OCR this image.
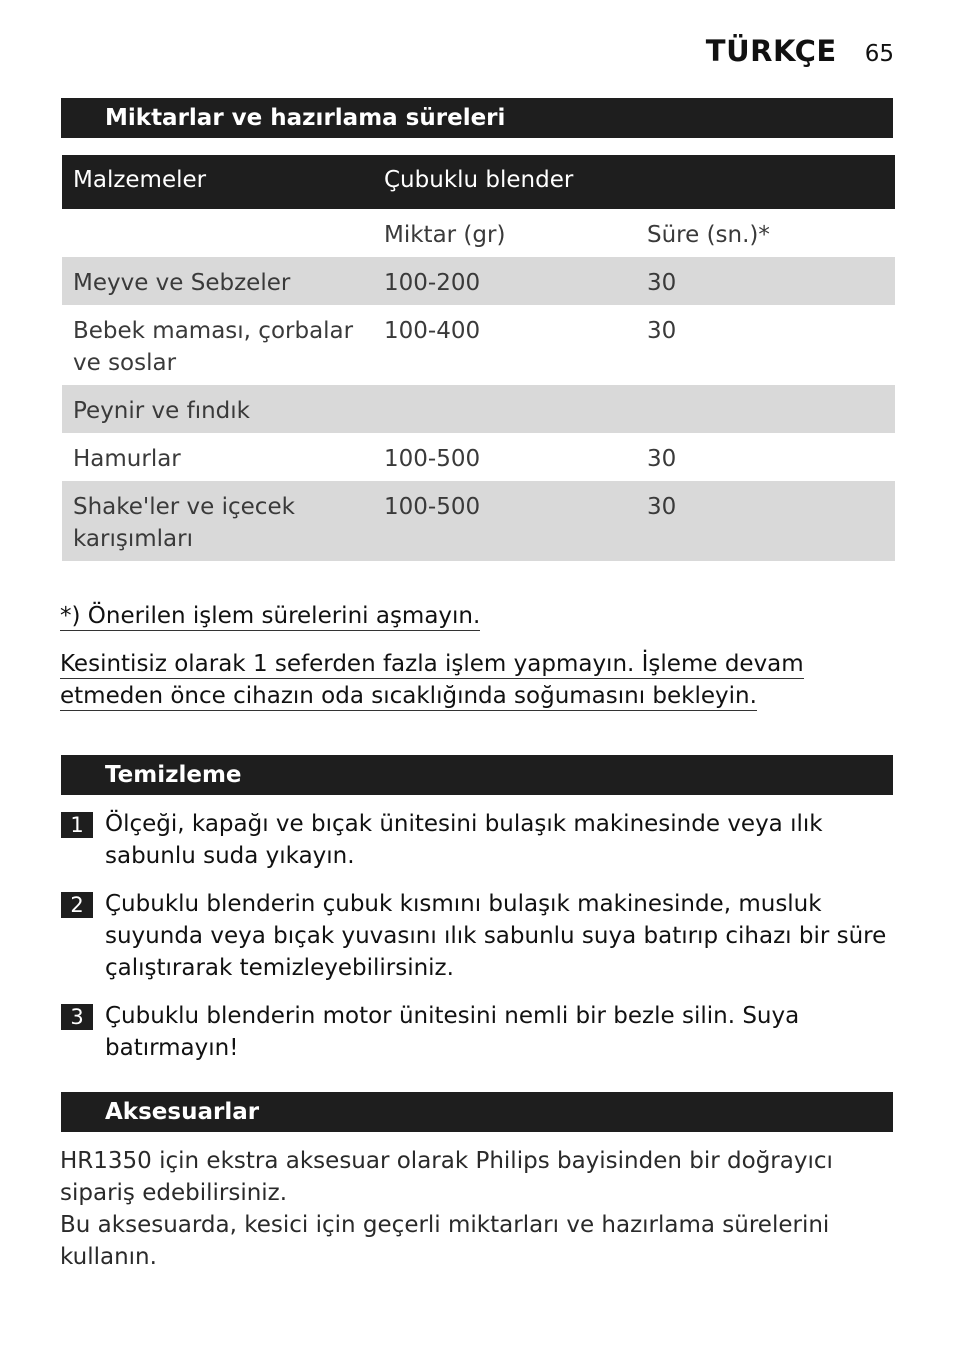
TÜRKÇE 65
Miktarlar ve hazırlama süreleri
Malzemeler	Çubuklu blender	
	Miktar (gr)	Süre (sn.)*
Meyve ve Sebzeler	100-200	30
Bebek maması, çorbalar ve soslar	100-400	30
Peynir ve fındık		
Hamurlar	100-500	30
Shake'ler ve içecek karışımları	100-500	30
*) Önerilen işlem sürelerini aşmayın.
Kesintisiz olarak 1 seferden fazla işlem yapmayın. İşleme devam etmeden önce cihazın oda sıcaklığında soğumasını bekleyin.
Temizleme
1 Ölçeği, kapağı ve bıçak ünitesini bulaşık makinesinde veya ılık sabunlu suda yıkayın.
2 Çubuklu blenderin çubuk kısmını bulaşık makinesinde, musluk suyunda veya bıçak yuvasını ılık sabunlu suya batırıp cihazı bir süre çalıştırarak temizleyebilirsiniz.
3 Çubuklu blenderin motor ünitesini nemli bir bezle silin. Suya batırmayın!
Aksesuarlar
HR1350 için ekstra aksesuar olarak Philips bayisinden bir doğrayıcı sipariş edebilirsiniz.
Bu aksesuarda, kesici için geçerli miktarları ve hazırlama sürelerini kullanın.
